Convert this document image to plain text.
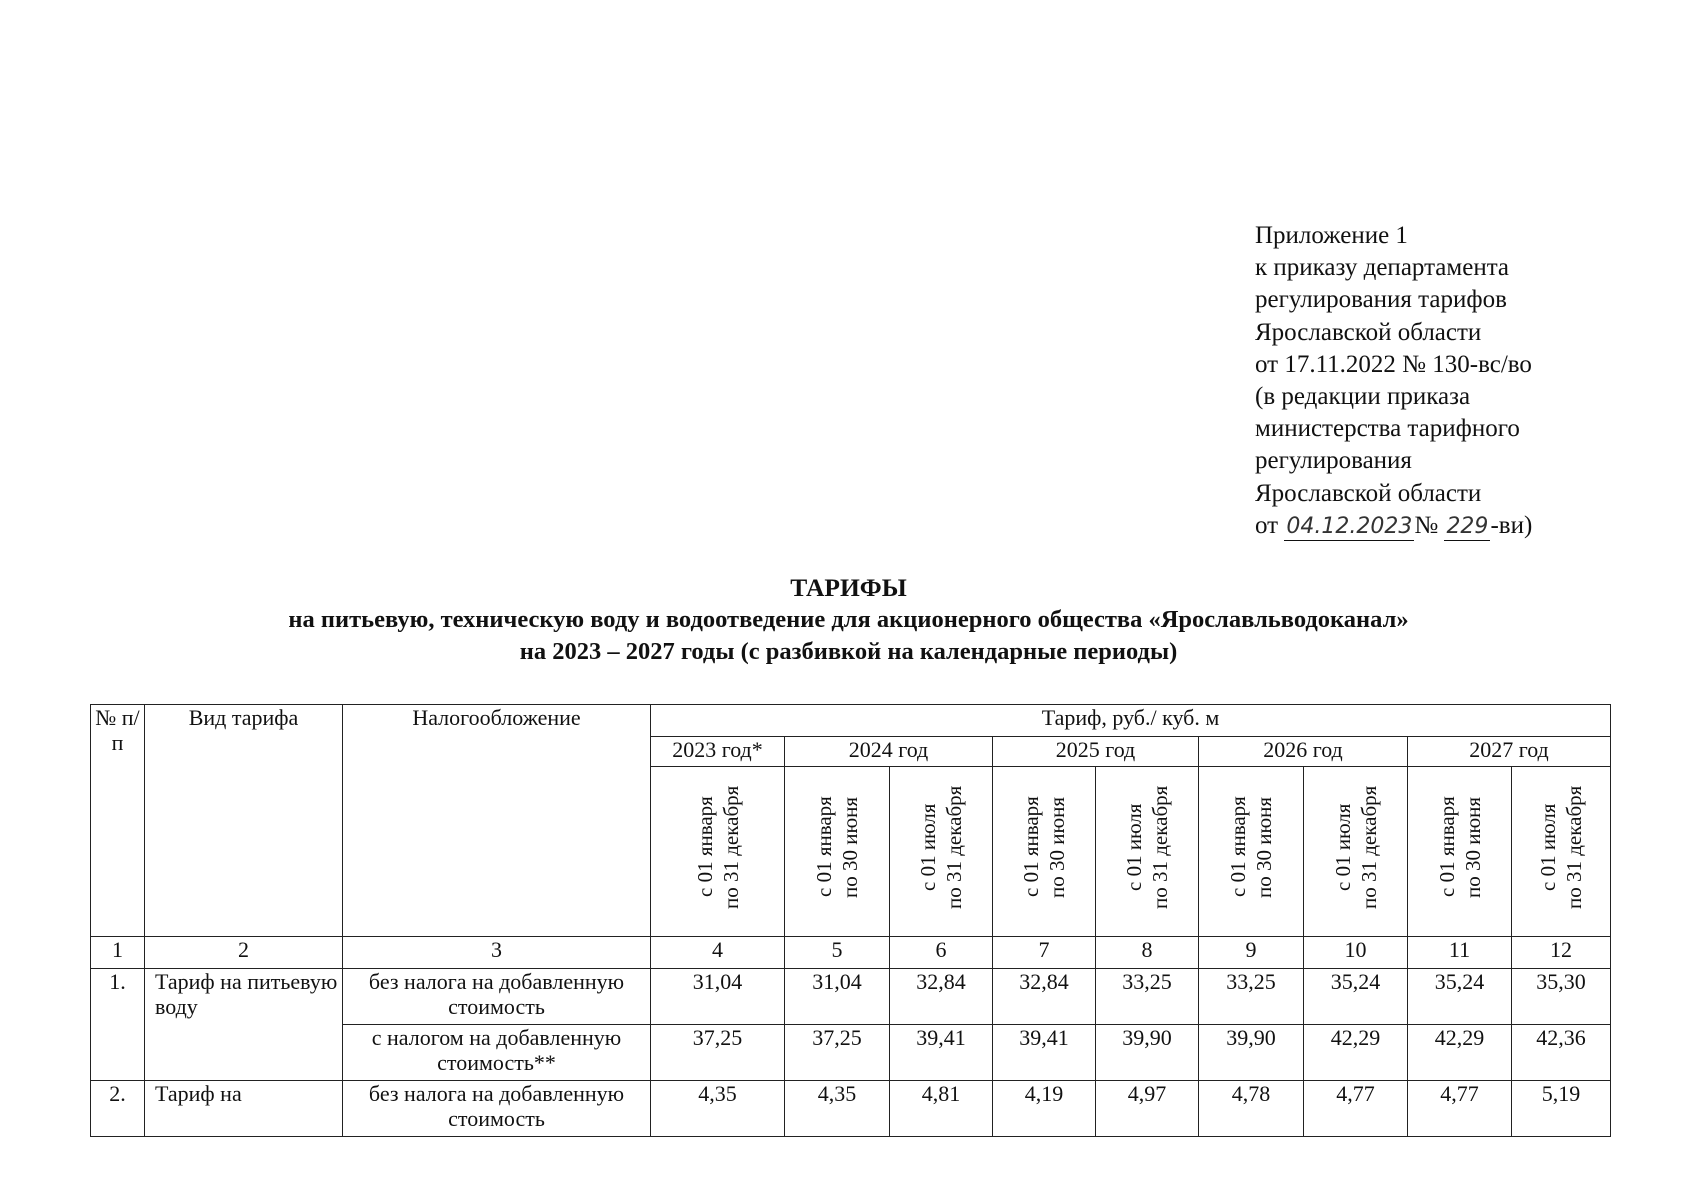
Приложение 1
к приказу департамента
регулирования тарифов
Ярославской области
от 17.11.2022 № 130-вс/во
(в редакции приказа
министерства тарифного
регулирования
Ярославской области
от 04.12.2023№ 229-ви)
ТАРИФЫ
на питьевую, техническую воду и водоотведение для акционерного общества «Ярославльводоканал»
на 2023 – 2027 годы (с разбивкой на календарные периоды)
№ п/п	Вид тарифа	Налогообложение	Тариф, руб./ куб. м								
			2023 год*	2024 год		2025 год		2026 год		2027 год	

			с 01 января по 31 декабря	с 01 января по 30 июня	с 01 июля по 31 декабря	с 01 января по 30 июня	с 01 июля по 31 декабря	с 01 января по 30 июня	с 01 июля по 31 декабря	с 01 января по 30 июня	с 01 июля по 31 декабря

1	2	3	4	5	6	7	8	9	10	11	12
1.	Тариф на питьевую воду	без налога на добавленную стоимость	31,04	31,04	32,84	32,84	33,25	33,25	35,24	35,24	35,30
		с налогом на добавленную стоимость**	37,25	37,25	39,41	39,41	39,90	39,90	42,29	42,29	42,36
2.	Тариф на	без налога на добавленную стоимость	4,35	4,35	4,81	4,19	4,97	4,78	4,77	4,77	5,19
